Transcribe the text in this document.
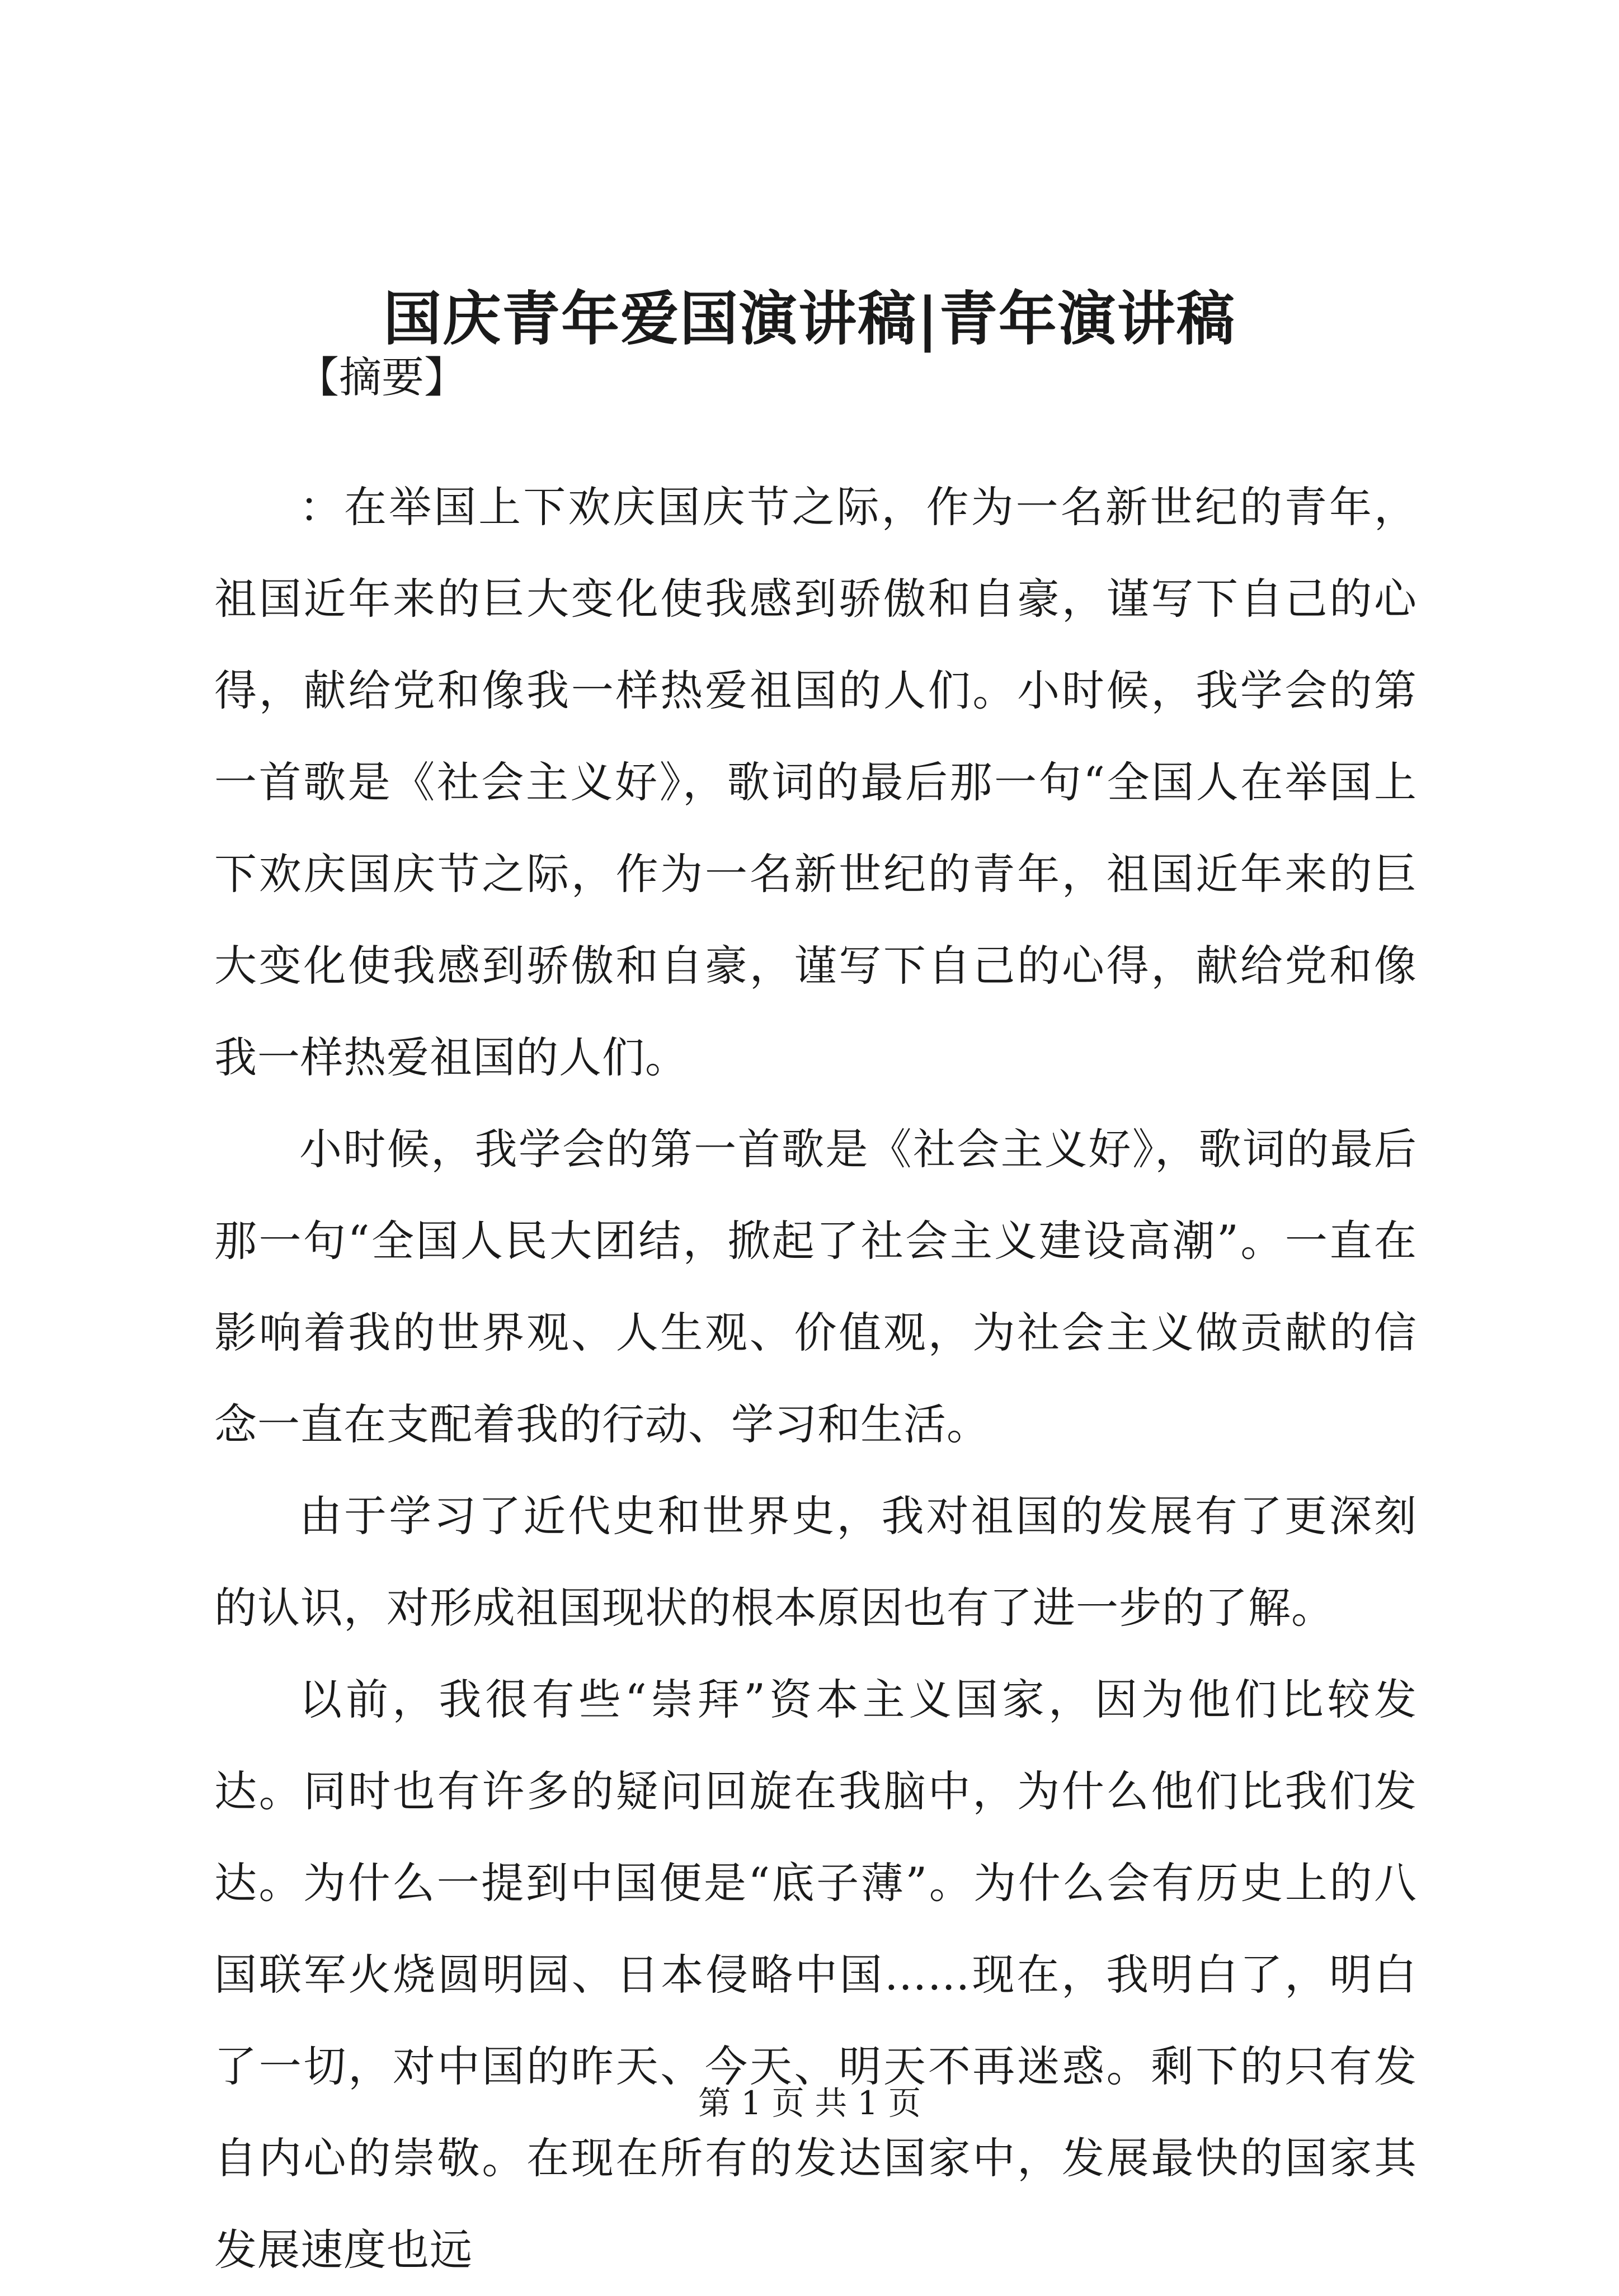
国庆青年爱国演讲稿|青年演讲稿
【摘要】

：在举国上下欢庆国庆节之际，作为一名新世纪的青年，祖国近年来的巨大变化使我感到骄傲和自豪，谨写下自己的心得，献给党和像我一样热爱祖国的人们。小时候，我学会的第一首歌是《社会主义好》，歌词的最后那一句“全国人在举国上下欢庆国庆节之际，作为一名新世纪的青年，祖国近年来的巨大变化使我感到骄傲和自豪，谨写下自己的心得，献给党和像我一样热爱祖国的人们。

小时候，我学会的第一首歌是《社会主义好》，歌词的最后那一句“全国人民大团结，掀起了社会主义建设高潮”。一直在影响着我的世界观、人生观、价值观，为社会主义做贡献的信念一直在支配着我的行动、学习和生活。

由于学习了近代史和世界史，我对祖国的发展有了更深刻的认识，对形成祖国现状的根本原因也有了进一步的了解。

以前，我很有些“崇拜”资本主义国家，因为他们比较发达。同时也有许多的疑问回旋在我脑中，为什么他们比我们发达。为什么一提到中国便是“底子薄”。为什么会有历史上的八国联军火烧圆明园、日本侵略中国……现在，我明白了，明白了一切，对中国的昨天、今天、明天不再迷惑。剩下的只有发自内心的崇敬。在现在所有的发达国家中，发展最快的国家其发展速度也远

第 1 页 共 1 页
